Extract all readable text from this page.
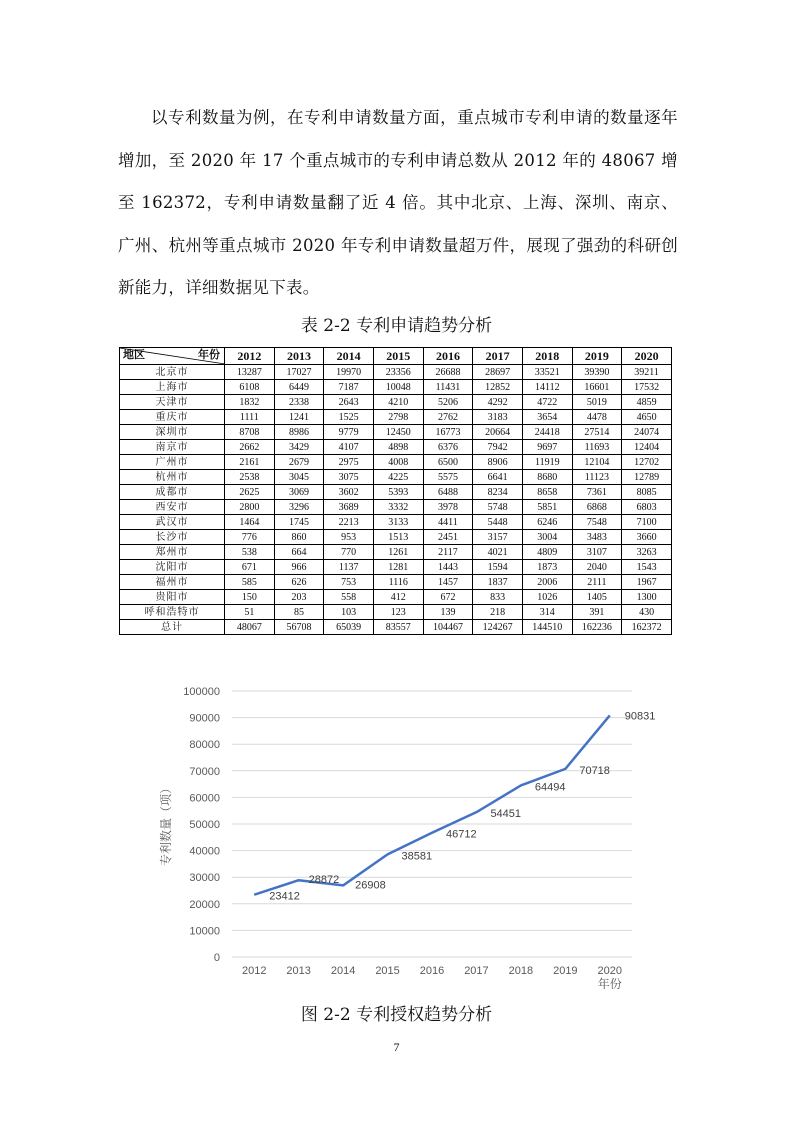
以专利数量为例，在专利申请数量方面，重点城市专利申请的数量逐年增加，至 2020 年 17 个重点城市的专利申请总数从 2012 年的 48067 增至 162372，专利申请数量翻了近 4 倍。其中北京、上海、深圳、南京、广州、杭州等重点城市 2020 年专利申请数量超万件，展现了强劲的科研创新能力，详细数据见下表。
表 2-2 专利申请趋势分析
地区 年份	2012	2013	2014	2015	2016	2017	2018	2019	2020
北京市	13287	17027	19970	23356	26688	28697	33521	39390	39211
上海市	6108	6449	7187	10048	11431	12852	14112	16601	17532
天津市	1832	2338	2643	4210	5206	4292	4722	5019	4859
重庆市	1111	1241	1525	2798	2762	3183	3654	4478	4650
深圳市	8708	8986	9779	12450	16773	20664	24418	27514	24074
南京市	2662	3429	4107	4898	6376	7942	9697	11693	12404
广州市	2161	2679	2975	4008	6500	8906	11919	12104	12702
杭州市	2538	3045	3075	4225	5575	6641	8680	11123	12789
成都市	2625	3069	3602	5393	6488	8234	8658	7361	8085
西安市	2800	3296	3689	3332	3978	5748	5851	6868	6803
武汉市	1464	1745	2213	3133	4411	5448	6246	7548	7100
长沙市	776	860	953	1513	2451	3157	3004	3483	3660
郑州市	538	664	770	1261	2117	4021	4809	3107	3263
沈阳市	671	966	1137	1281	1443	1594	1873	2040	1543
福州市	585	626	753	1116	1457	1837	2006	2111	1967
贵阳市	150	203	558	412	672	833	1026	1405	1300
呼和浩特市	51	85	103	123	139	218	314	391	430
总计	48067	56708	65039	83557	104467	124267	144510	162236	162372
0
10000
20000
30000
40000
50000
60000
70000
80000
90000
100000
2012 2013 2014 2015 2016 2017 2018 2019 2020
年份
专利数量（项）
23412
28872 26908
38581
46712
54451
64494
70718
90831
图 2-2 专利授权趋势分析
7
